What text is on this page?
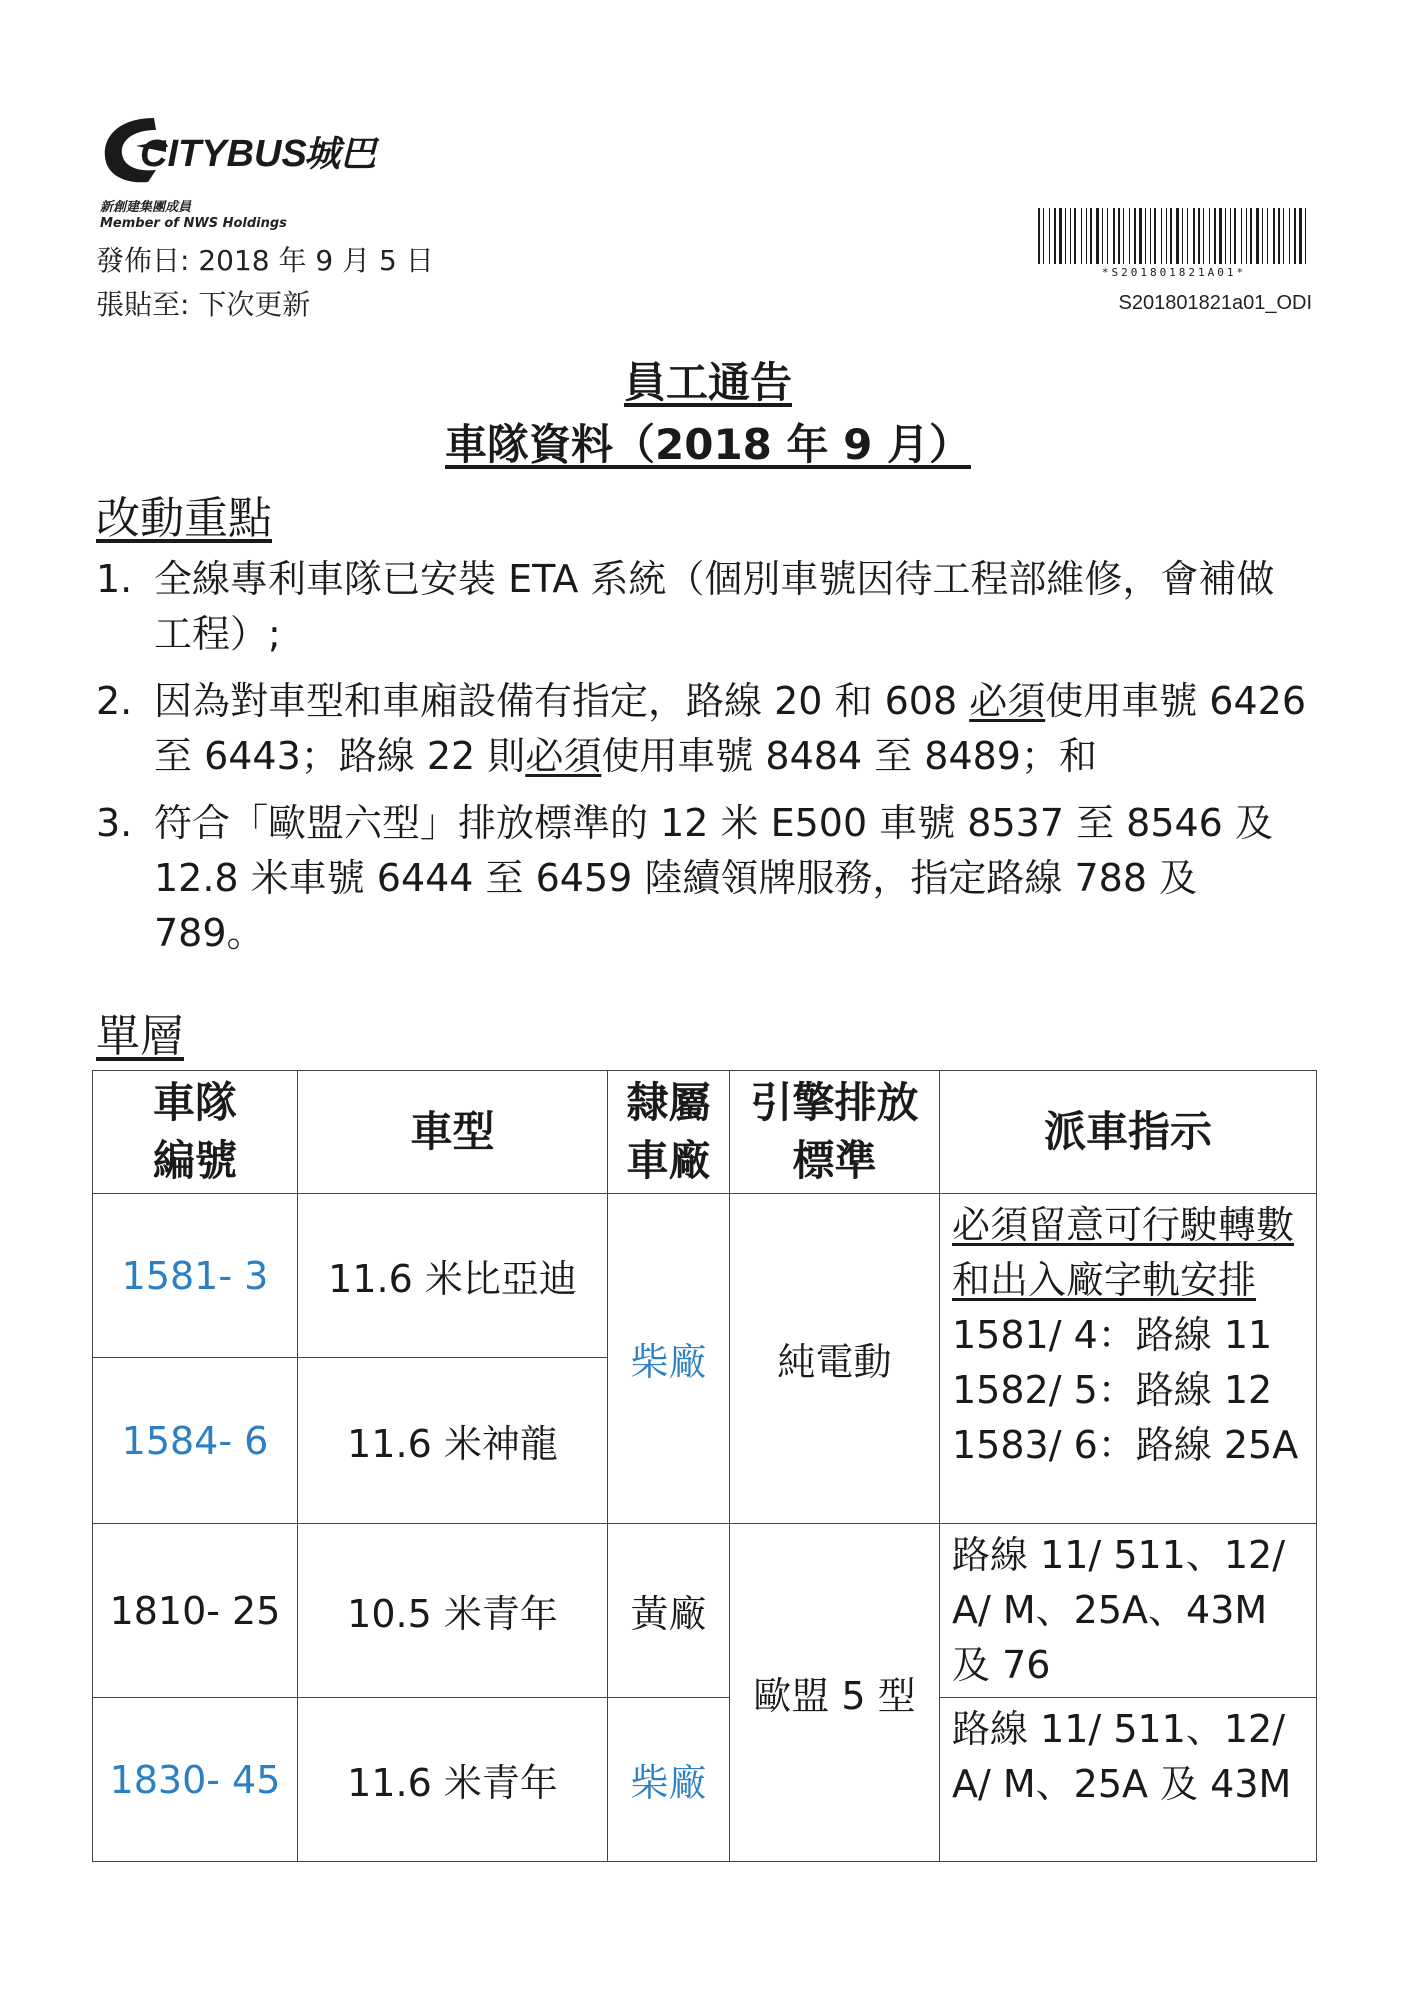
CITYBUS
城巴
新創建集團成員
Member of NWS Holdings
發佈日: 2018 年 9 月 5 日
張貼至: 下次更新
*S201801821A01*
S201801821a01_ODI
員工通告
車隊資料（2018 年 9 月）
改動重點
1. 全線專利車隊已安裝 ETA 系統（個別車號因待工程部維修，會補做工程）;
2. 因為對車型和車廂設備有指定，路線 20 和 608 必須使用車號 6426 至 6443；路線 22 則必須使用車號 8484 至 8489；和
3. 符合「歐盟六型」排放標準的 12 米 E500 車號 8537 至 8546 及 12.8 米車號 6444 至 6459 陸續領牌服務，指定路線 788 及 789。
單層
車隊編號	車型	隸屬車廠	引擎排放標準	派車指示
1581- 3	11.6 米比亞迪	柴廠	純電動	必須留意可行駛轉數和出入廠字軌安排
1581/ 4：路線 11
1582/ 5：路線 12
1583/ 6：路線 25A

1584- 6	11.6 米神龍			
1810- 25	10.5 米青年	黃廠	歐盟 5 型	路線 11/ 511、12/ A/ M、25A、43M 及 76
1830- 45	11.6 米青年	柴廠		路線 11/ 511、12/ A/ M、25A 及 43M
